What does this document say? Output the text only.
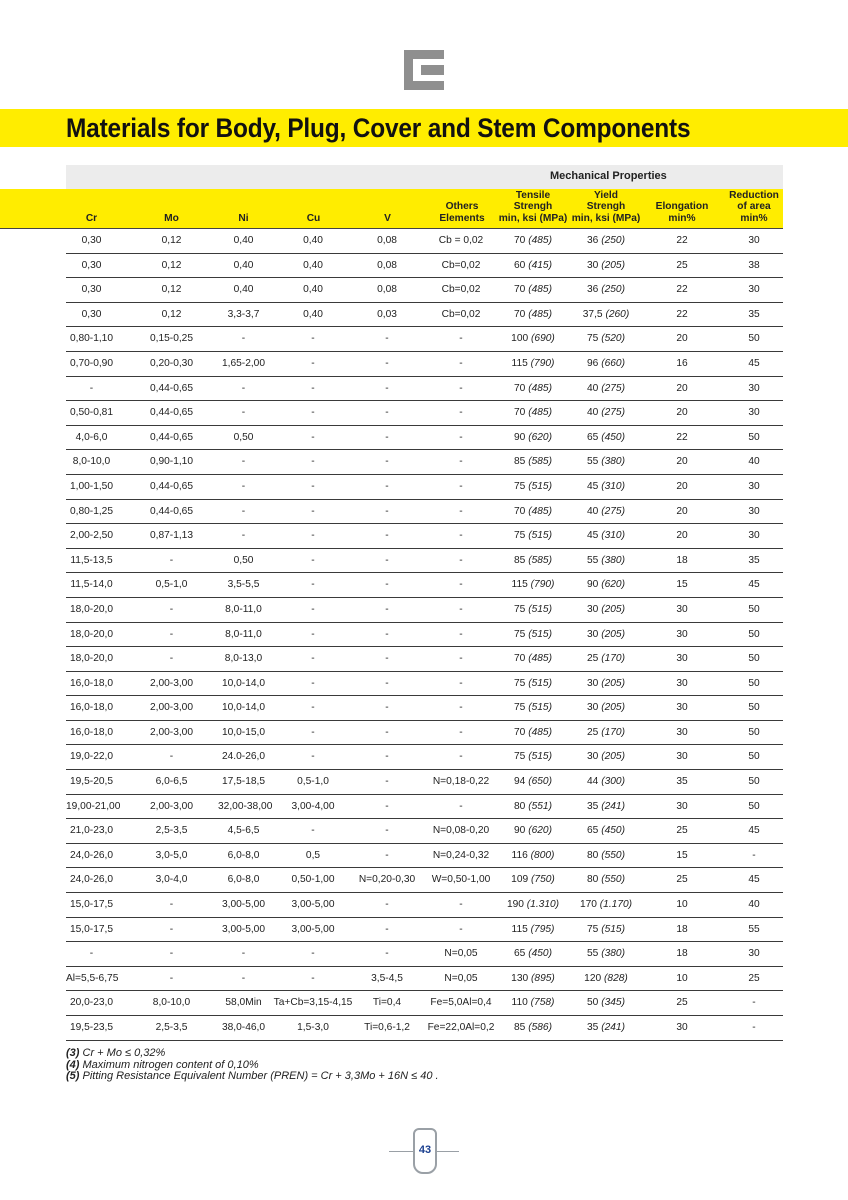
Materials for Body, Plug, Cover and Stem Components
Mechanical Properties
Cr	Mo	Ni	Cu	V
Others
Elements
Tensile
Strengh
min, ksi (MPa)
Yield
Strengh
min, ksi (MPa)
Elongation
min%
Reduction
of area
min%
0,30	0,12	0,40	0,40	0,08	Cb = 0,02	70 (485)	36 (250)	22	30
0,30	0,12	0,40	0,40	0,08	Cb=0,02	60 (415)	30 (205)	25	38
0,30	0,12	0,40	0,40	0,08	Cb=0,02	70 (485)	36 (250)	22	30
0,30	0,12	3,3-3,7	0,40	0,03	Cb=0,02	70 (485)	37,5 (260)	22	35
0,80-1,10	0,15-0,25	-	-	-	-	100 (690)	75 (520)	20	50
0,70-0,90	0,20-0,30	1,65-2,00	-	-	-	115 (790)	96 (660)	16	45
-	0,44-0,65	-	-	-	-	70 (485)	40 (275)	20	30
0,50-0,81	0,44-0,65	-	-	-	-	70 (485)	40 (275)	20	30
4,0-6,0	0,44-0,65	0,50	-	-	-	90 (620)	65 (450)	22	50
8,0-10,0	0,90-1,10	-	-	-	-	85 (585)	55 (380)	20	40
1,00-1,50	0,44-0,65	-	-	-	-	75 (515)	45 (310)	20	30
0,80-1,25	0,44-0,65	-	-	-	-	70 (485)	40 (275)	20	30
2,00-2,50	0,87-1,13	-	-	-	-	75 (515)	45 (310)	20	30
11,5-13,5	-	0,50	-	-	-	85 (585)	55 (380)	18	35
11,5-14,0	0,5-1,0	3,5-5,5	-	-	-	115 (790)	90 (620)	15	45
18,0-20,0	-	8,0-11,0	-	-	-	75 (515)	30 (205)	30	50
18,0-20,0	-	8,0-11,0	-	-	-	75 (515)	30 (205)	30	50
18,0-20,0	-	8,0-13,0	-	-	-	70 (485)	25 (170)	30	50
16,0-18,0	2,00-3,00	10,0-14,0	-	-	-	75 (515)	30 (205)	30	50
16,0-18,0	2,00-3,00	10,0-14,0	-	-	-	75 (515)	30 (205)	30	50
16,0-18,0	2,00-3,00	10,0-15,0	-	-	-	70 (485)	25 (170)	30	50
19,0-22,0	-	24.0-26,0	-	-	-	75 (515)	30 (205)	30	50
19,5-20,5	6,0-6,5	17,5-18,5	0,5-1,0	-	N=0,18-0,22	94 (650)	44 (300)	35	50
19,00-21,00	2,00-3,00	32,00-38,00	3,00-4,00	-	-	80 (551)	35 (241)	30	50
21,0-23,0	2,5-3,5	4,5-6,5	-	-	N=0,08-0,20	90 (620)	65 (450)	25	45
24,0-26,0	3,0-5,0	6,0-8,0	0,5	-	N=0,24-0,32	116 (800)	80 (550)	15	-
24,0-26,0	3,0-4,0	6,0-8,0	0,50-1,00	N=0,20-0,30	W=0,50-1,00	109 (750)	80 (550)	25	45
15,0-17,5	-	3,00-5,00	3,00-5,00	-	-	190 (1.310)	170 (1.170)	10	40
15,0-17,5	-	3,00-5,00	3,00-5,00	-	-	115 (795)	75 (515)	18	55
-	-	-	-	-	N=0,05	65 (450)	55 (380)	18	30
Al=5,5-6,75	-	-	-	3,5-4,5	N=0,05	130 (895)	120 (828)	10	25
20,0-23,0	8,0-10,0	58,0Min	Ta+Cb=3,15-4,15	Ti=0,4	Fe=5,0Al=0,4	110 (758)	50 (345)	25	-
19,5-23,5	2,5-3,5	38,0-46,0	1,5-3,0	Ti=0,6-1,2	Fe=22,0Al=0,2	85 (586)	35 (241)	30	-
(3) Cr + Mo ≤ 0,32%
(4) Maximum nitrogen content of 0,10%
(5) Pitting Resistance Equivalent Number (PREN) = Cr + 3,3Mo + 16N ≤ 40 .
43
